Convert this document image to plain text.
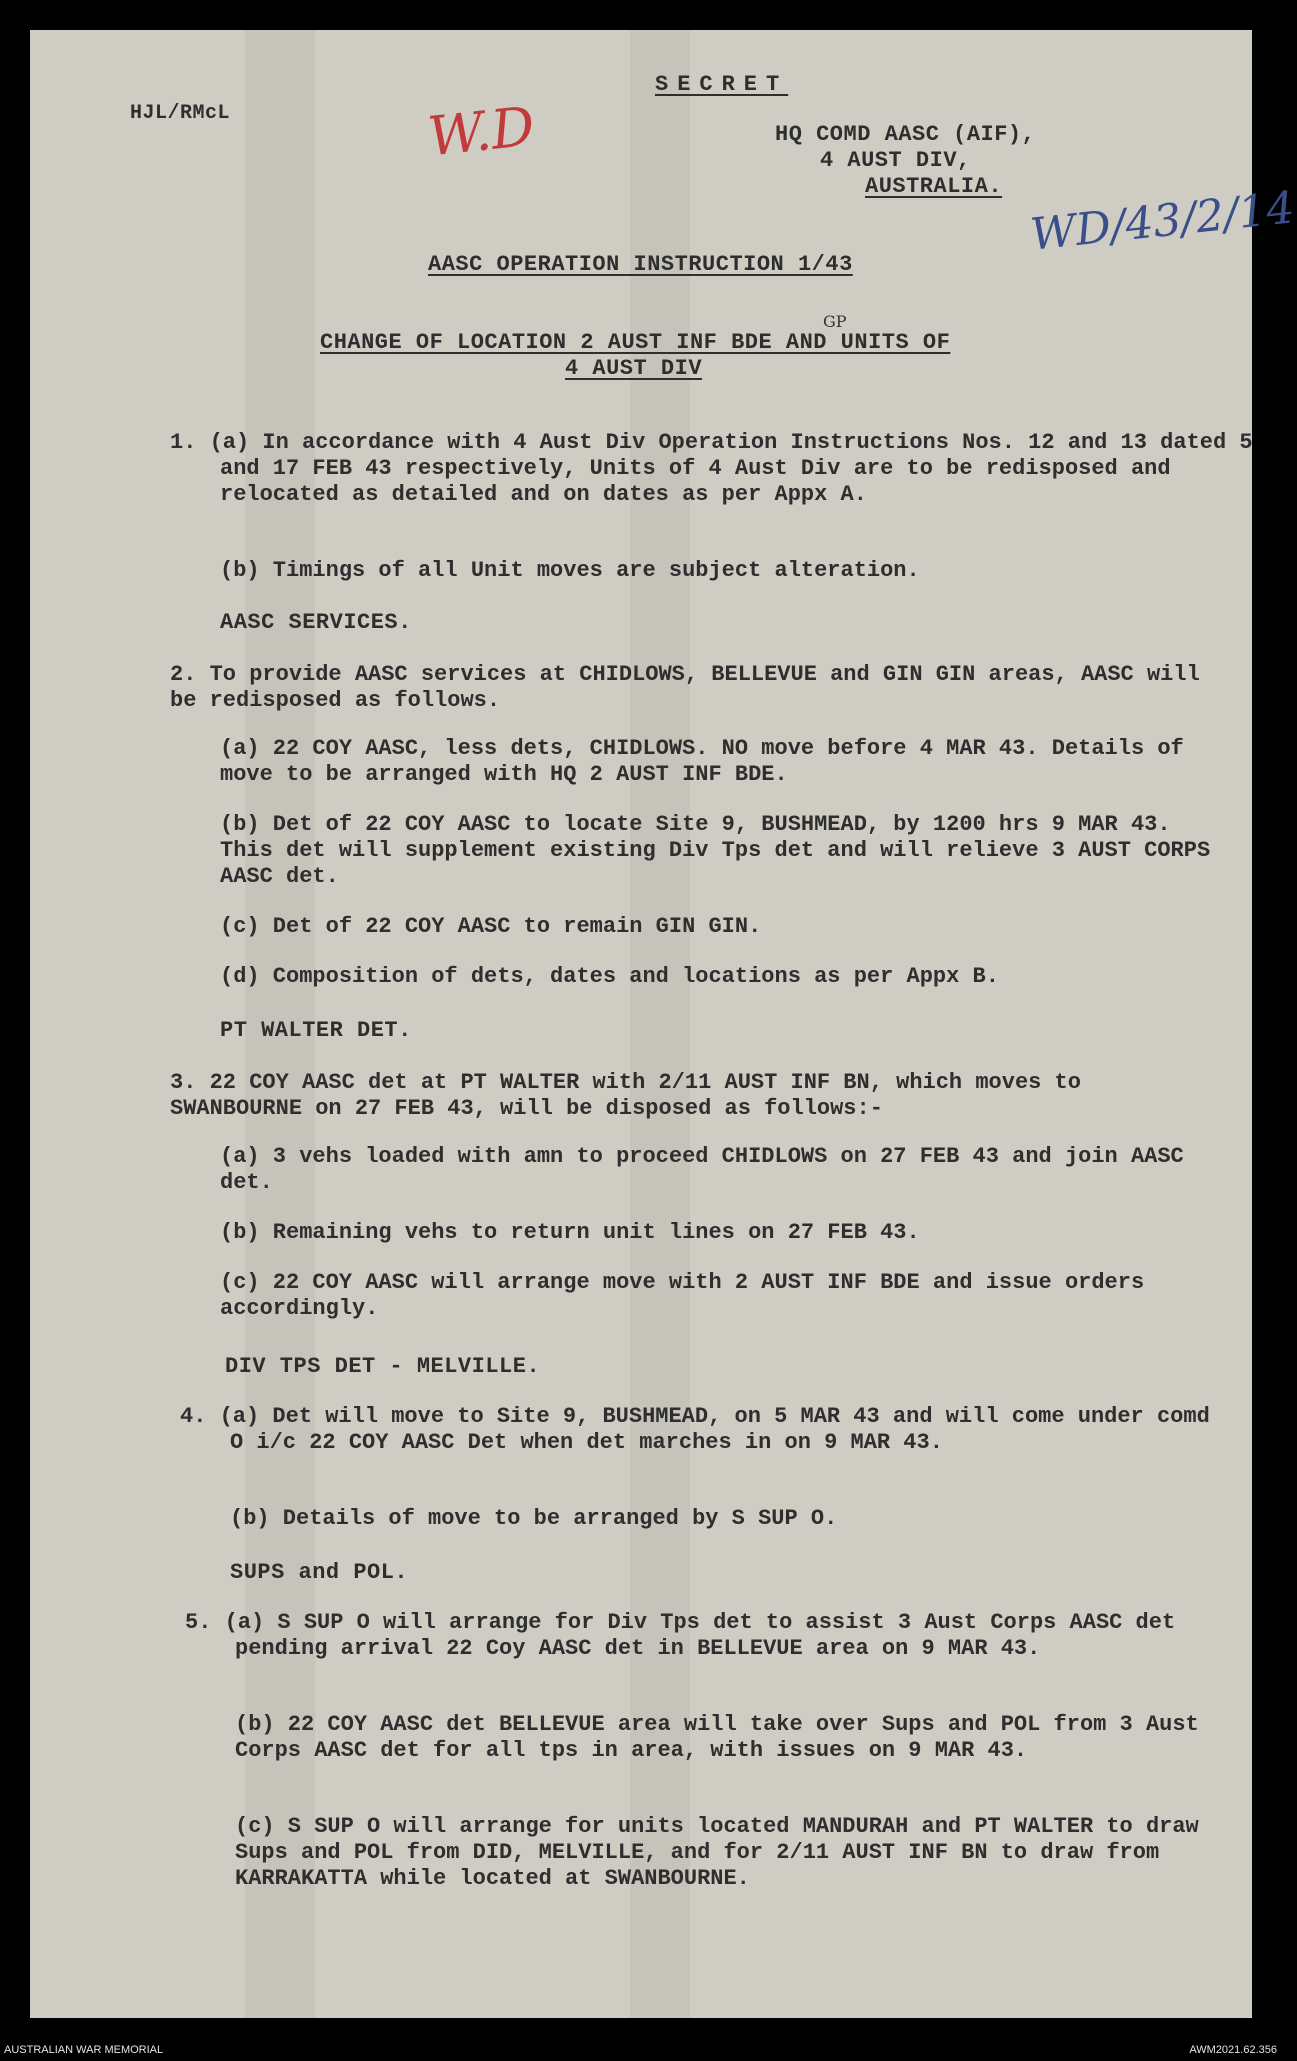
HJL/RMcL
SECRET
W.D	HQ COMD AASC (AIF),
4 AUST DIV,
AUSTRALIA. WD/43/2/14
AASC OPERATION INSTRUCTION 1/43
CHANGE OF LOCATION 2 AUST INF BDE AND UNITS OF
GP
4 AUST DIV
1. (a) In accordance with 4 Aust Div Operation Instructions Nos. 12 and 13 dated 5 and 17 FEB 43 respectively, Units of 4 Aust Div are to be redisposed and relocated as detailed and on dates as per Appx A.
(b) Timings of all Unit moves are subject alteration.
AASC SERVICES.
2. To provide AASC services at CHIDLOWS, BELLEVUE and GIN GIN areas, AASC will be redisposed as follows.
(a) 22 COY AASC, less dets, CHIDLOWS. NO move before 4 MAR 43. Details of move to be arranged with HQ 2 AUST INF BDE.
(b) Det of 22 COY AASC to locate Site 9, BUSHMEAD, by 1200 hrs 9 MAR 43. This det will supplement existing Div Tps det and will relieve 3 AUST CORPS AASC det.
(c) Det of 22 COY AASC to remain GIN GIN.
(d) Composition of dets, dates and locations as per Appx B.
PT WALTER DET.
3. 22 COY AASC det at PT WALTER with 2/11 AUST INF BN, which moves to SWANBOURNE on 27 FEB 43, will be disposed as follows:-
(a) 3 vehs loaded with amn to proceed CHIDLOWS on 27 FEB 43 and join AASC det.
(b) Remaining vehs to return unit lines on 27 FEB 43.
(c) 22 COY AASC will arrange move with 2 AUST INF BDE and issue orders accordingly.
DIV TPS DET - MELVILLE.
4. (a) Det will move to Site 9, BUSHMEAD, on 5 MAR 43 and will come under comd O i/c 22 COY AASC Det when det marches in on 9 MAR 43.
(b) Details of move to be arranged by S SUP O.
SUPS and POL.
5. (a) S SUP O will arrange for Div Tps det to assist 3 Aust Corps AASC det pending arrival 22 Coy AASC det in BELLEVUE area on 9 MAR 43.
(b) 22 COY AASC det BELLEVUE area will take over Sups and POL from 3 Aust Corps AASC det for all tps in area, with issues on 9 MAR 43.
(c) S SUP O will arrange for units located MANDURAH and PT WALTER to draw Sups and POL from DID, MELVILLE, and for 2/11 AUST INF BN to draw from KARRAKATTA while located at SWANBOURNE.
AUSTRALIAN WAR MEMORIAL	AWM2021.62.356
